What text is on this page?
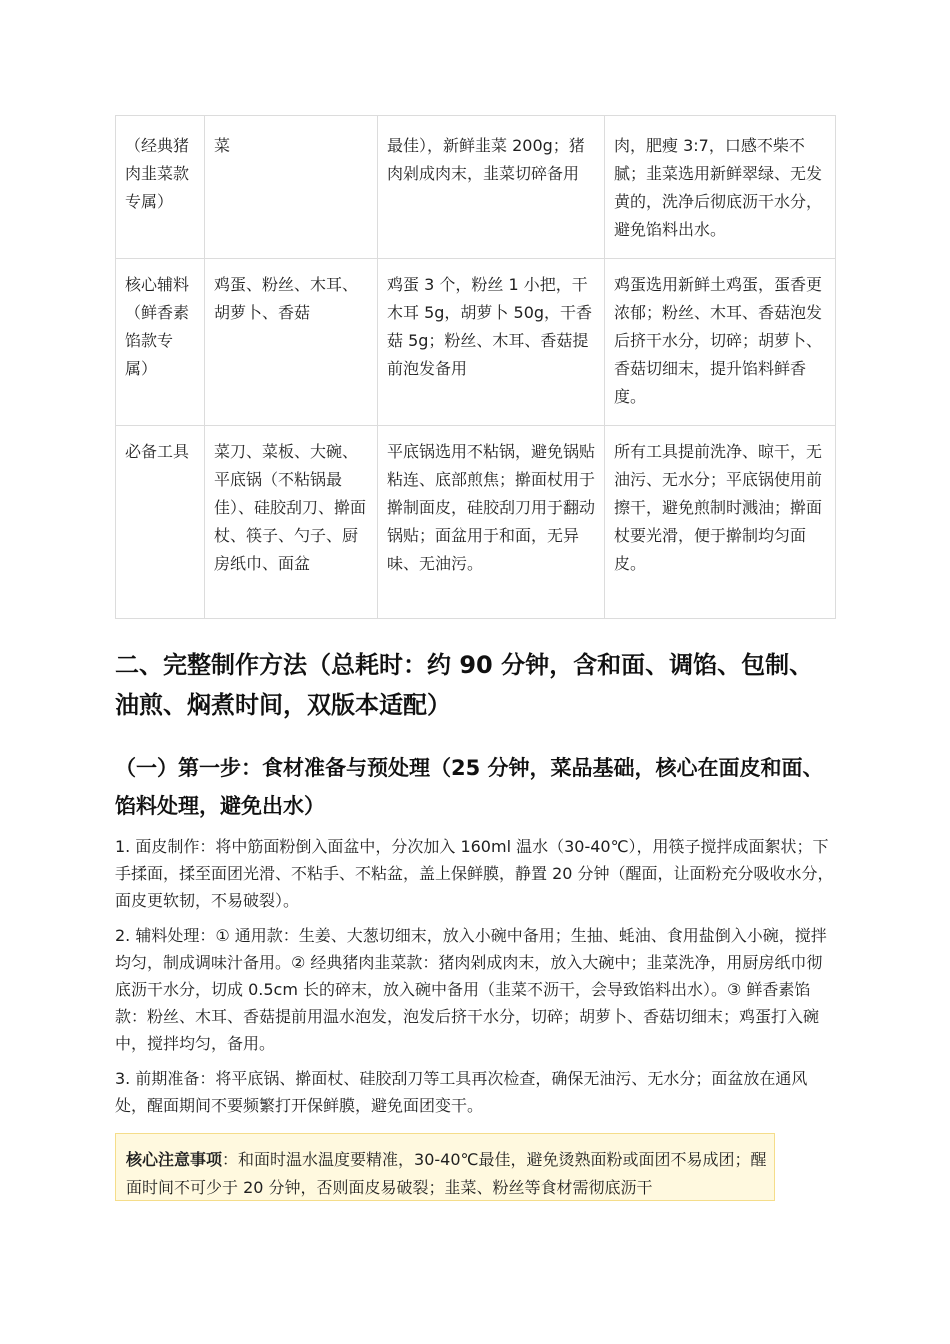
（经典猪肉韭菜款专属）	菜	最佳），新鲜韭菜 200g；猪肉剁成肉末，韭菜切碎备用	肉，肥瘦 3:7，口感不柴不腻；韭菜选用新鲜翠绿、无发黄的，洗净后彻底沥干水分，避免馅料出水。
核心辅料（鲜香素馅款专属）	鸡蛋、粉丝、木耳、胡萝卜、香菇	鸡蛋 3 个，粉丝 1 小把，干木耳 5g，胡萝卜 50g，干香菇 5g；粉丝、木耳、香菇提前泡发备用	鸡蛋选用新鲜土鸡蛋，蛋香更浓郁；粉丝、木耳、香菇泡发后挤干水分，切碎；胡萝卜、香菇切细末，提升馅料鲜香度。
必备工具	菜刀、菜板、大碗、平底锅（不粘锅最佳）、硅胶刮刀、擀面杖、筷子、勺子、厨房纸巾、面盆	平底锅选用不粘锅，避免锅贴粘连、底部煎焦；擀面杖用于擀制面皮，硅胶刮刀用于翻动锅贴；面盆用于和面，无异味、无油污。	所有工具提前洗净、晾干，无油污、无水分；平底锅使用前擦干，避免煎制时溅油；擀面杖要光滑，便于擀制均匀面皮。
二、完整制作方法（总耗时：约 90 分钟，含和面、调馅、包制、油煎、焖煮时间，双版本适配）
（一）第一步：食材准备与预处理（25 分钟，菜品基础，核心在面皮和面、馅料处理，避免出水）

1. 面皮制作：将中筋面粉倒入面盆中，分次加入 160ml 温水（30-40℃），用筷子搅拌成面絮状；下手揉面，揉至面团光滑、不粘手、不粘盆，盖上保鲜膜，静置 20 分钟（醒面，让面粉充分吸收水分，面皮更软韧，不易破裂）。

2. 辅料处理：① 通用款：生姜、大葱切细末，放入小碗中备用；生抽、蚝油、食用盐倒入小碗，搅拌均匀，制成调味汁备用。② 经典猪肉韭菜款：猪肉剁成肉末，放入大碗中；韭菜洗净，用厨房纸巾彻底沥干水分，切成 0.5cm 长的碎末，放入碗中备用（韭菜不沥干，会导致馅料出水）。③ 鲜香素馅款：粉丝、木耳、香菇提前用温水泡发，泡发后挤干水分，切碎；胡萝卜、香菇切细末；鸡蛋打入碗中，搅拌均匀，备用。

3. 前期准备：将平底锅、擀面杖、硅胶刮刀等工具再次检查，确保无油污、无水分；面盆放在通风处，醒面期间不要频繁打开保鲜膜，避免面团变干。

核心注意事项：和面时温水温度要精准，30-40℃最佳，避免烫熟面粉或面团不易成团；醒面时间不可少于 20 分钟，否则面皮易破裂；韭菜、粉丝等食材需彻底沥干
